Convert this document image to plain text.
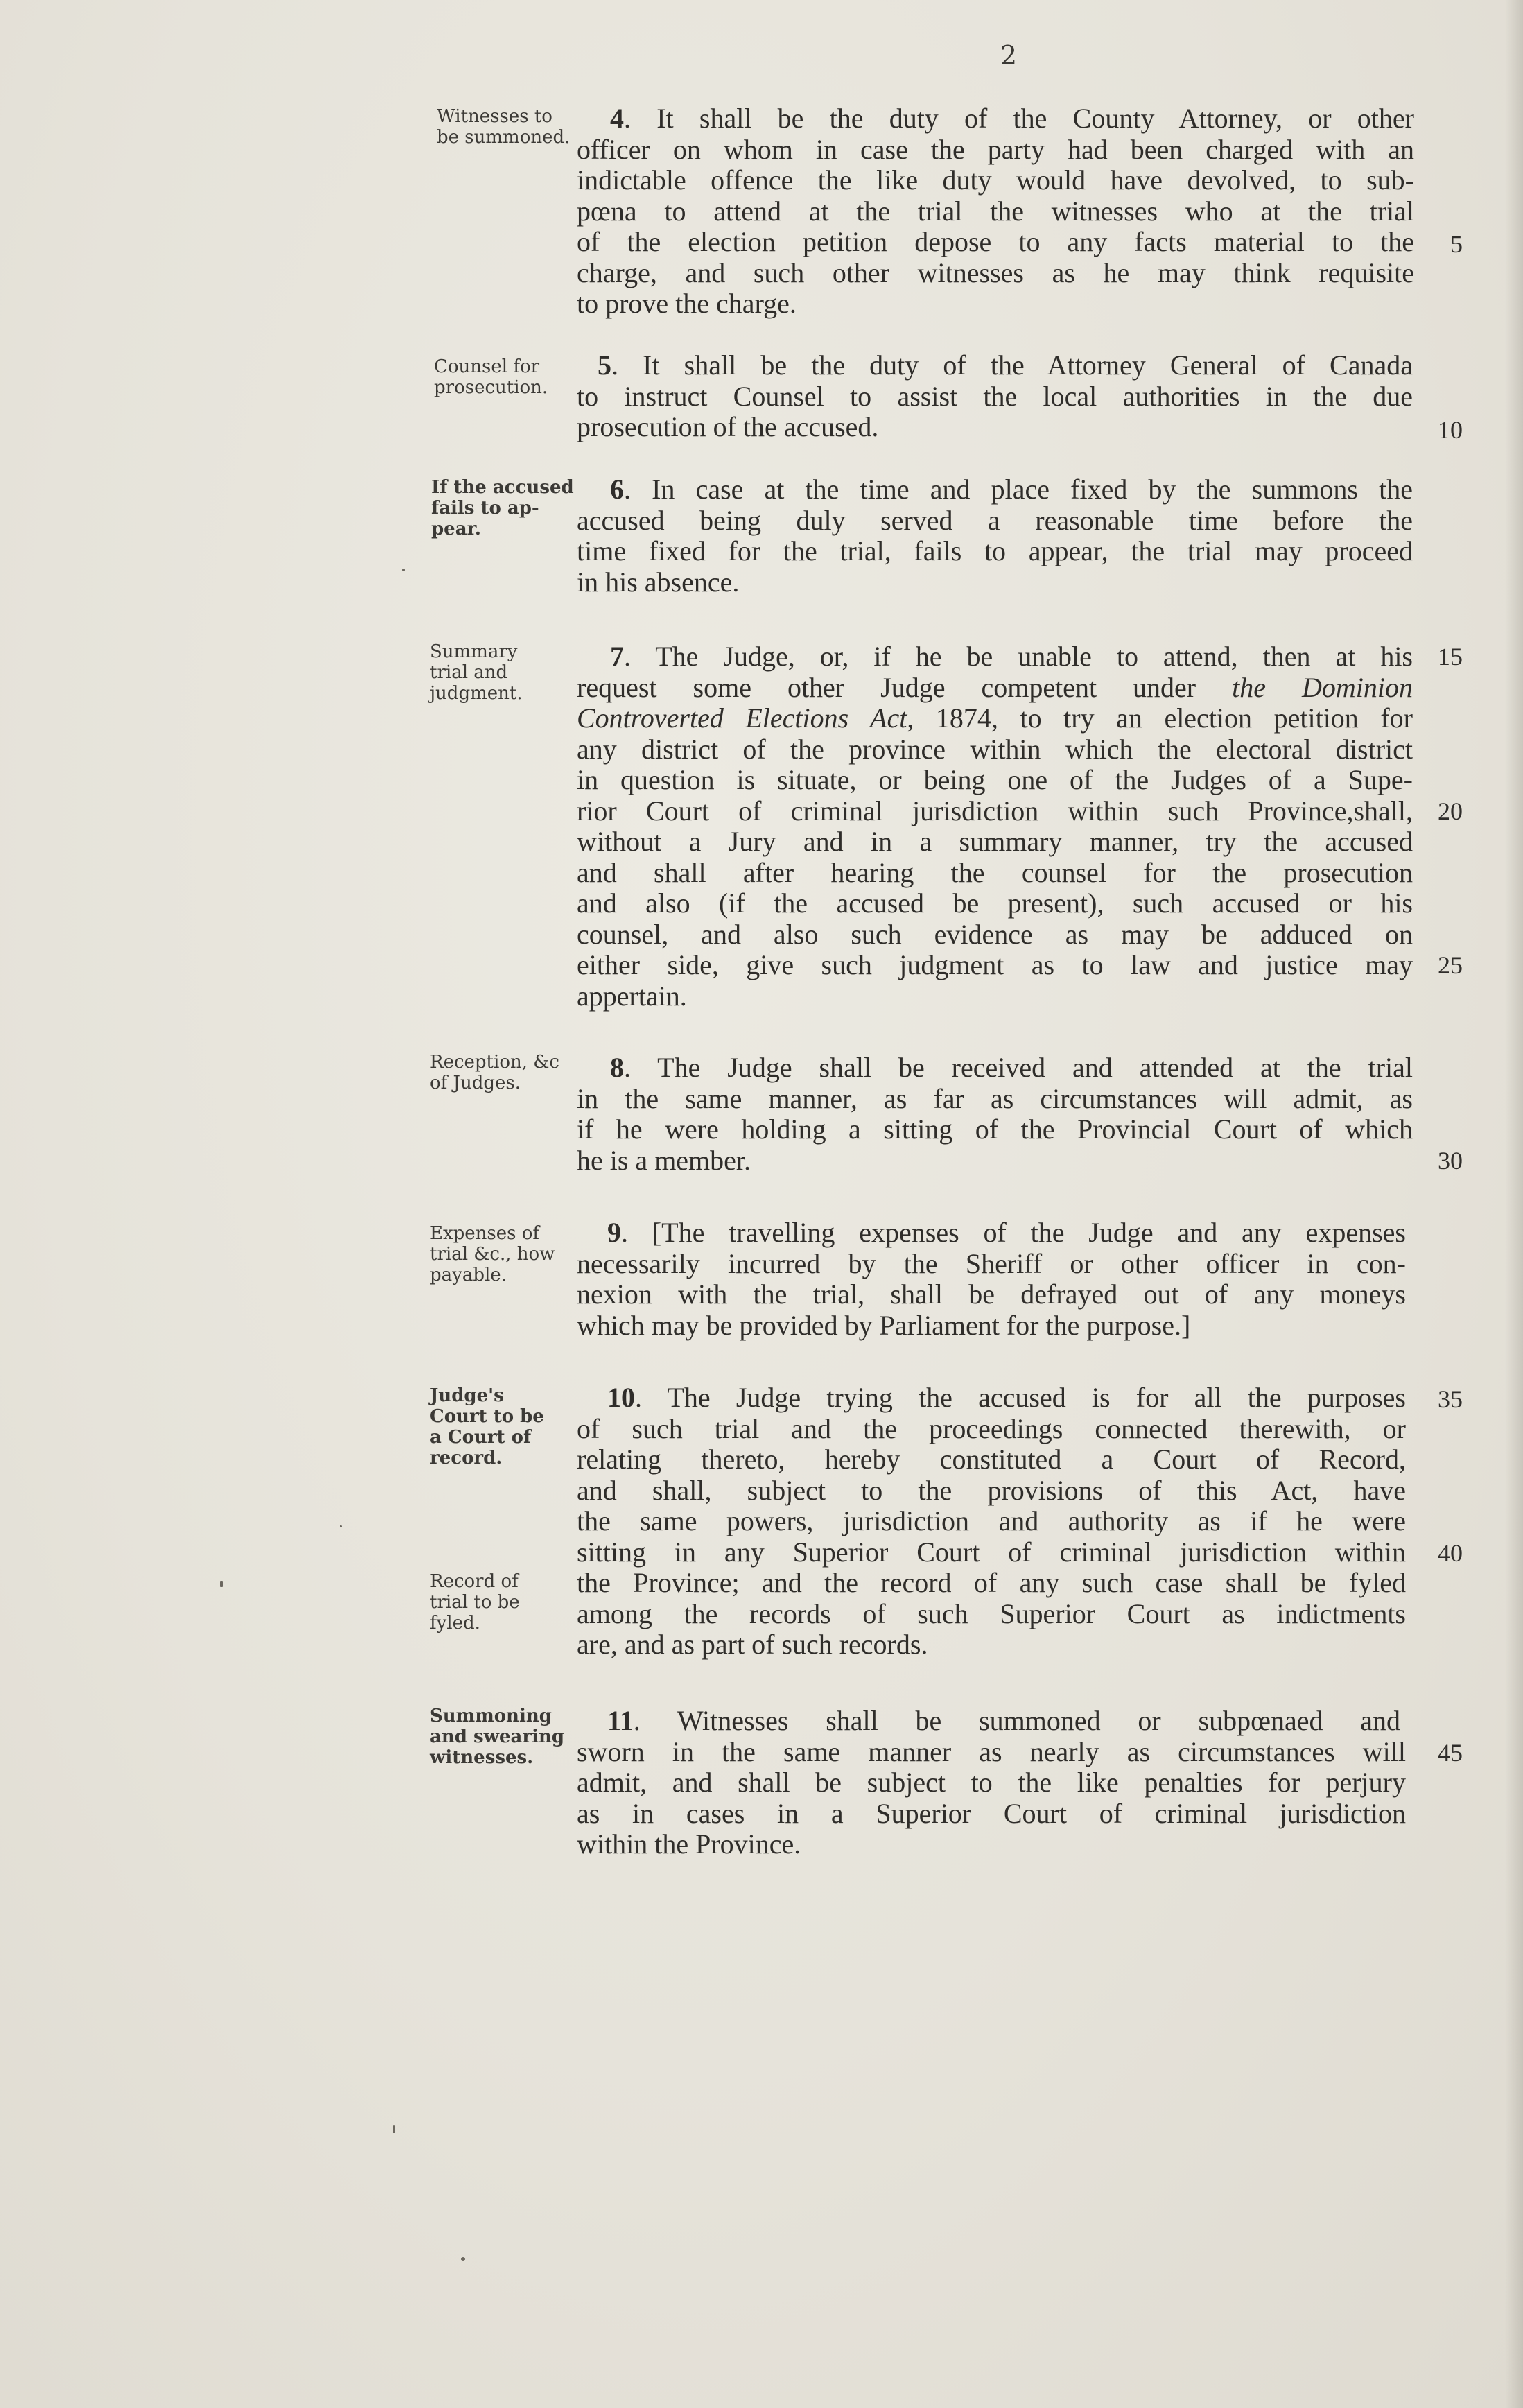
2
Witnesses to
be summoned.
Counsel for
prosecution.
If the accused
fails to ap-
pear.
Summary
trial and
judgment.
Reception, &c
of Judges.
Expenses of
trial &c., how
payable.
Judge's
Court to be
a Court of
record.
Record of
trial to be
fyled.
Summoning
and swearing
witnesses.
4. It shall be the duty of the County Attorney, or other
officer on whom in case the party had been charged with an
indictable offence the like duty would have devolved, to sub-
pœna to attend at the trial the witnesses who at the trial
of the election petition depose to any facts material to the
charge, and such other witnesses as he may think requisite
to prove the charge.
5. It shall be the duty of the Attorney General of Canada
to instruct Counsel to assist the local authorities in the due
prosecution of the accused.
6. In case at the time and place fixed by the summons the
accused being duly served a reasonable time before the
time fixed for the trial, fails to appear, the trial may proceed
in his absence.
7. The Judge, or, if he be unable to attend, then at his
request some other Judge competent under the Dominion
Controverted Elections Act, 1874, to try an election petition for
any district of the province within which the electoral district
in question is situate, or being one of the Judges of a Supe-
rior Court of criminal jurisdiction within such Province,shall,
without a Jury and in a summary manner, try the accused
and shall after hearing the counsel for the prosecution
and also (if the accused be present), such accused or his
counsel, and also such evidence as may be adduced on
either side, give such judgment as to law and justice may
appertain.
8. The Judge shall be received and attended at the trial
in the same manner, as far as circumstances will admit, as
if he were holding a sitting of the Provincial Court of which
he is a member.
9. [The travelling expenses of the Judge and any expenses
necessarily incurred by the Sheriff or other officer in con-
nexion with the trial, shall be defrayed out of any moneys
which may be provided by Parliament for the purpose.]
10. The Judge trying the accused is for all the purposes
of such trial and the proceedings connected therewith, or
relating thereto, hereby constituted a Court of Record,
and shall, subject to the provisions of this Act, have
the same powers, jurisdiction and authority as if he were
sitting in any Superior Court of criminal jurisdiction within
the Province; and the record of any such case shall be fyled
among the records of such Superior Court as indictments
are, and as part of such records.
11. Witnesses shall be summoned or subpœnaed and
sworn in the same manner as nearly as circumstances will
admit, and shall be subject to the like penalties for perjury
as in cases in a Superior Court of criminal jurisdiction
within the Province.
5
10
15
20
25
30
35
40
45
